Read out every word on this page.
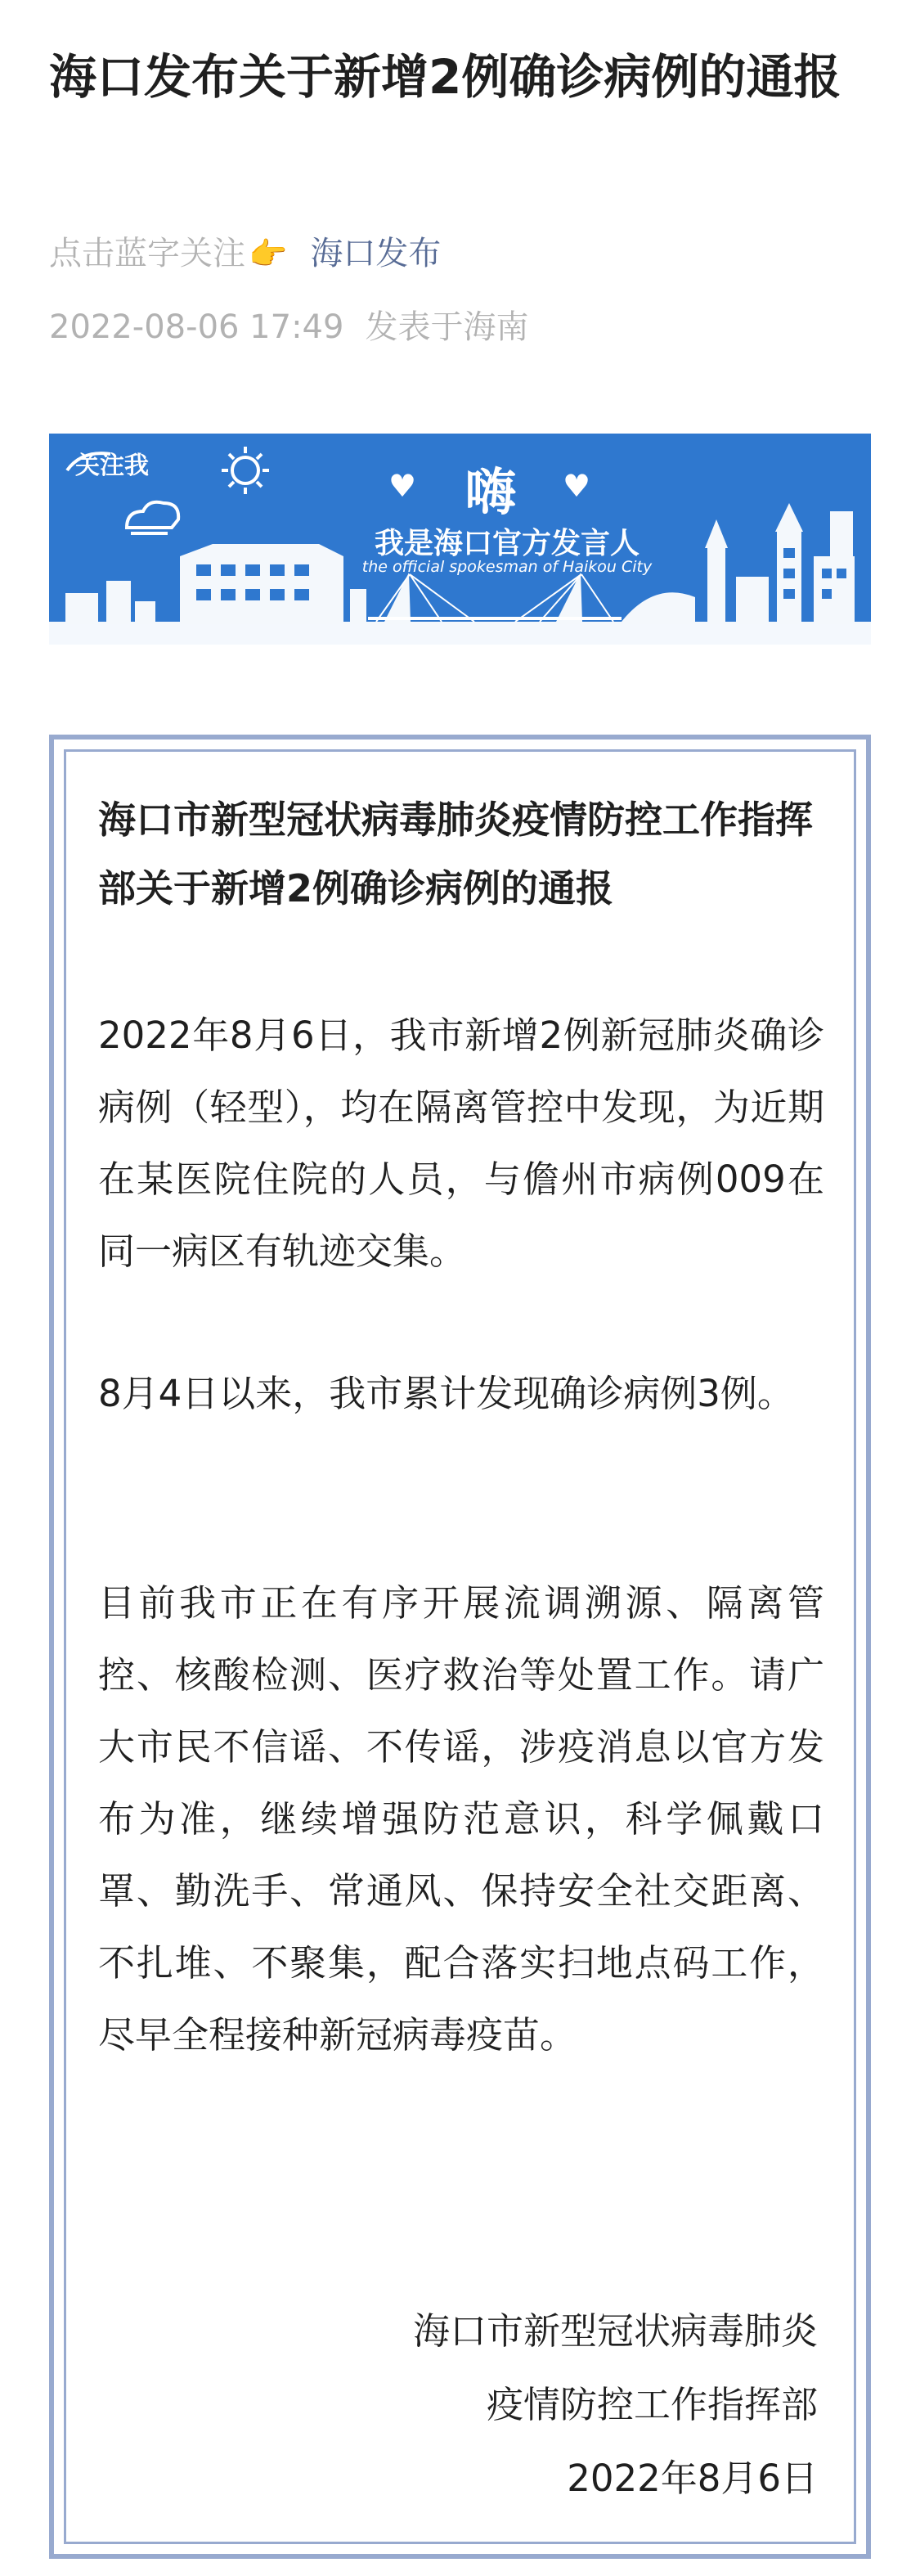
海口发布关于新增2例确诊病例的通报
点击蓝字关注 👉 海口发布
2022-08-06 17:49 发表于海南
关注我
♥ 嗨	♥
我是海口官方发言人
the official spokesman of Haikou City
海口市新型冠状病毒肺炎疫情防控工作指挥部关于新增2例确诊病例的通报

2022年8月6日，我市新增2例新冠肺炎确诊病例（轻型），均在隔离管控中发现，为近期在某医院住院的人员，与儋州市病例009在同一病区有轨迹交集。

8月4日以来，我市累计发现确诊病例3例。

目前我市正在有序开展流调溯源、隔离管控、核酸检测、医疗救治等处置工作。请广大市民不信谣、不传谣，涉疫消息以官方发布为准，继续增强防范意识，科学佩戴口罩、勤洗手、常通风、保持安全社交距离、不扎堆、不聚集，配合落实扫地点码工作，尽早全程接种新冠病毒疫苗。

海口市新型冠状病毒肺炎
疫情防控工作指挥部
2022年8月6日
